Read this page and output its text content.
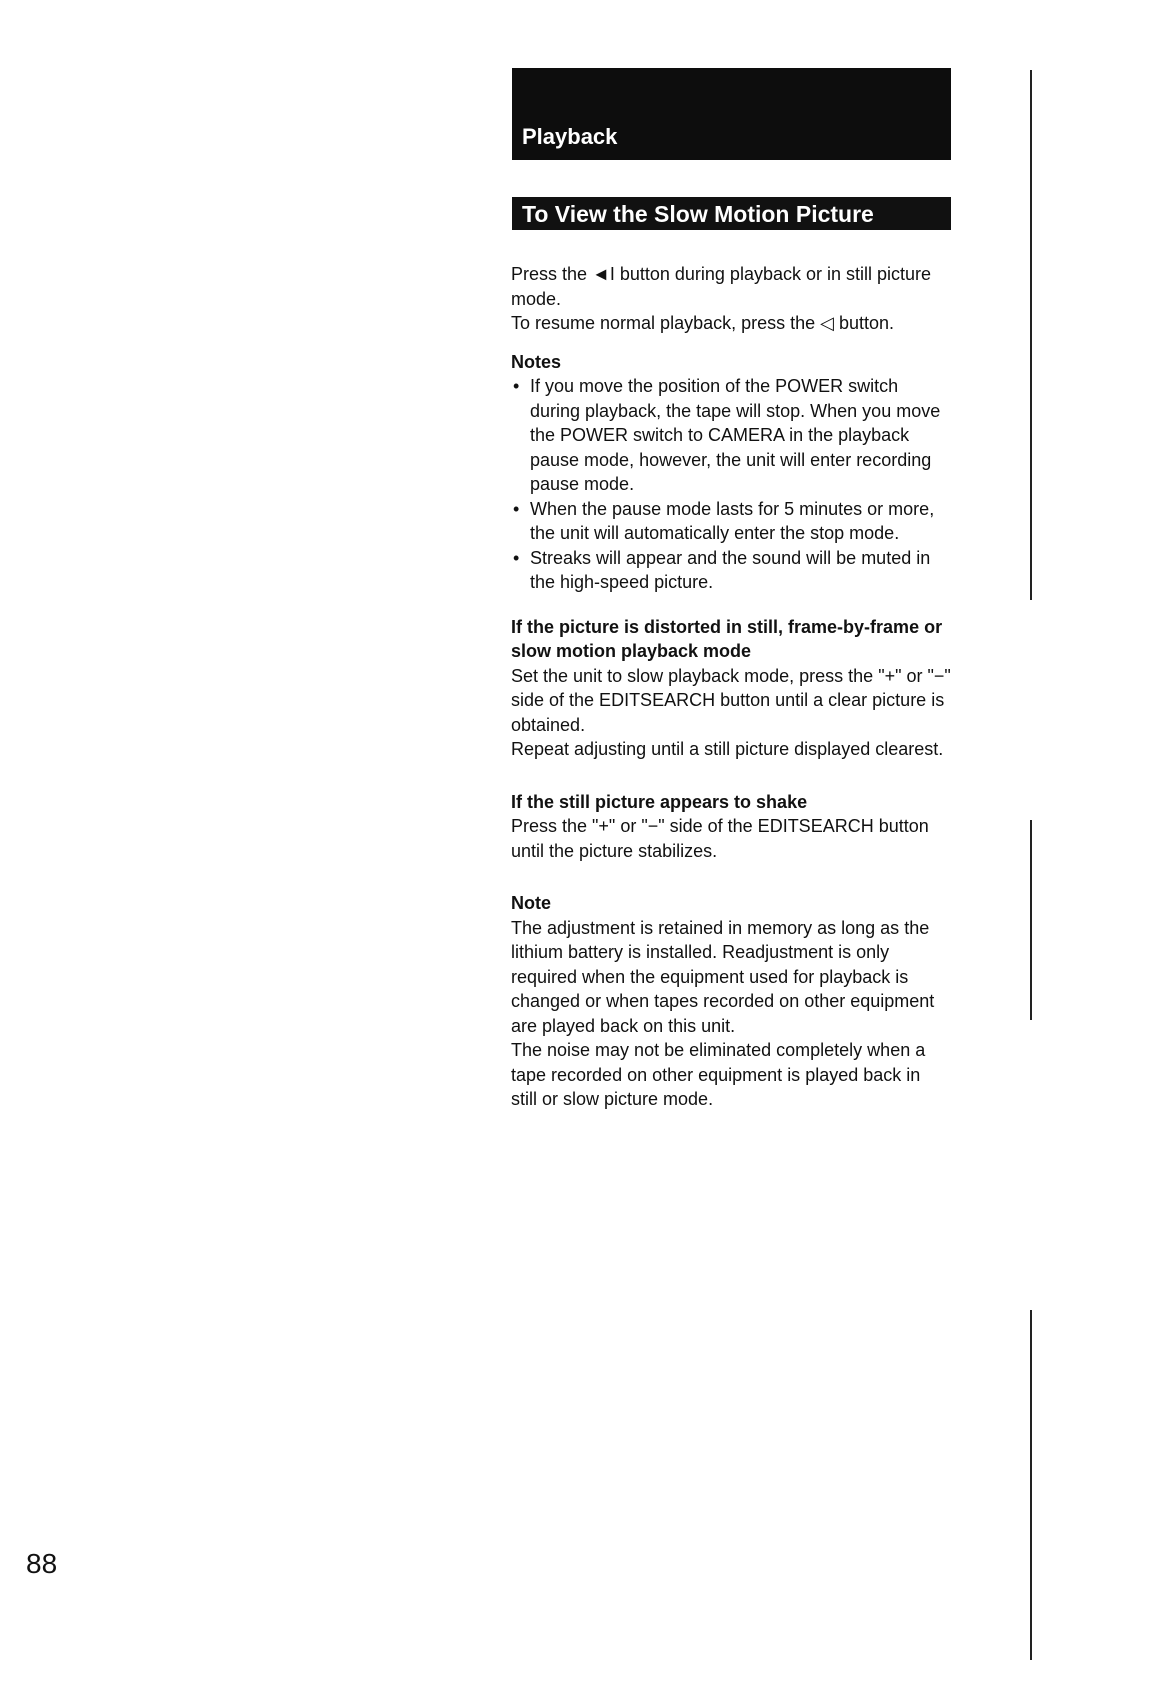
Playback
To View the Slow Motion Picture

Press the ◄I button during playback or in still picture mode.

To resume normal playback, press the ◁ button.

Notes

• If you move the position of the POWER switch during playback, the tape will stop. When you move the POWER switch to CAMERA in the playback pause mode, however, the unit will enter recording pause mode.
• When the pause mode lasts for 5 minutes or more, the unit will automatically enter the stop mode.
• Streaks will appear and the sound will be muted in the high-speed picture.

If the picture is distorted in still, frame-by-frame or slow motion playback mode

Set the unit to slow playback mode, press the "+" or "−" side of the EDITSEARCH button until a clear picture is obtained.

Repeat adjusting until a still picture displayed clearest.

If the still picture appears to shake

Press the "+" or "−" side of the EDITSEARCH button until the picture stabilizes.

Note

The adjustment is retained in memory as long as the lithium battery is installed. Readjustment is only required when the equipment used for playback is changed or when tapes recorded on other equipment are played back on this unit.

The noise may not be eliminated completely when a tape recorded on other equipment is played back in still or slow picture mode.

88
